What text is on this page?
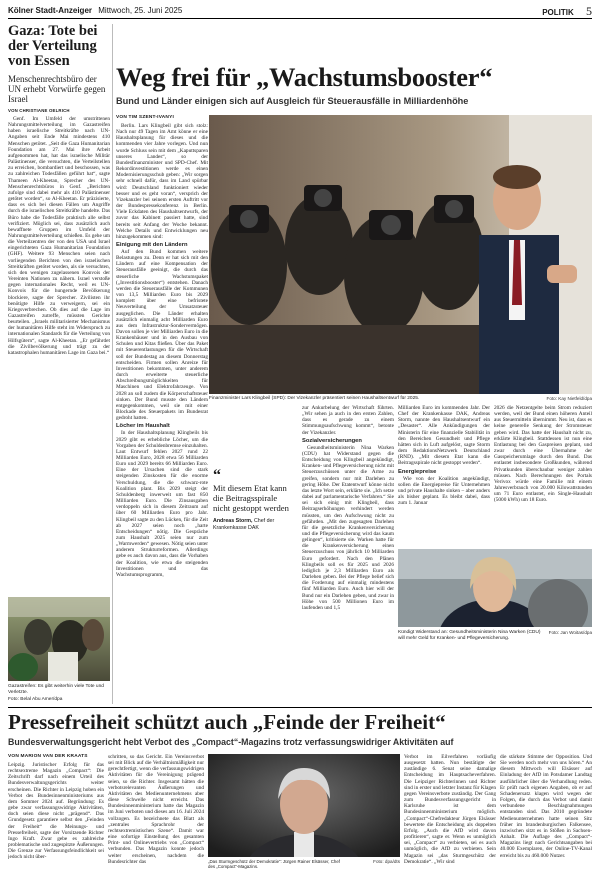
Kölner Stadt-Anzeiger Mittwoch, 25. Juni 2025	POLITIK 5
Gaza: Tote bei der Verteilung von Essen
Menschenrechtsbüro der UN erhebt Vorwürfe gegen Israel
VON CHRISTIANE OELRICH

Genf. Im Umfeld der umstrittenen Nahrungsmittelverteilung im Gazastreifen haben israelische Streitkräfte nach UN-Angaben seit Ende Mai mindestens 410 Menschen getötet. „Seit die Gaza Humanitarian Foundation am 27. Mai ihre Arbeit aufgenommen hat, hat das israelische Militär Palästinenser, die versuchten, die Verteilstellen zu erreichen, bombardiert und beschossen, was zu zahlreichen Todesfällen geführt hat“, sagte Thameen Al-Kheetan, Sprecher des UN-Menschenrechtsbüros in Genf. „Berichten zufolge sind dabei mehr als 410 Palästinenser getötet worden“, so Al-Kheetan. Er präzisierte, dass es sich bei diesen Fällen um Angriffe durch die israelischen Streitkräfte handelte. Das Büro habe die Todesfälle praktisch alle selbst verifiziert. Möglich sei, dass zusätzlich auch bewaffnete Gruppen im Umfeld der Nahrungsmittelverteilung schießen. Es gehe um die Verteilzentren der von den USA und Israel eingerichteten Gaza Humanitarian Foundation (GHF). Weitere 93 Menschen seien nach vorliegenden Berichten von den israelischen Streitkräften getötet worden, als sie versuchten, sich den wenigen zugelassenen Konvois der Vereinten Nationen zu nähern. Israel verstoße gegen internationales Recht, weil es UN-Konvois für die hungernde Bevölkerung blockiere, sagte der Sprecher. Zivilisten ihr benötigte Hilfe zu verweigern, sei ein Kriegsverbrechen. Ob dies auf die Lage im Gazastreifen zutreffe, müssten Gerichte beurteilen. „Israels militarisierter Mechanismus der humanitären Hilfe steht im Widerspruch zu internationalen Standards für die Verteilung von Hilfsgütern“, sagte Al-Kheetan. „Er gefährdet die Zivilbevölkerung und trägt zu der katastrophalen humanitären Lage im Gaza bei.“

Gazastreifen: Es gibt weiterhin viele Tote und Verletzte.
Foto: Belal Abu Amer/dpa
Weg frei für „Wachstumsbooster“
Bund und Länder einigen sich auf Ausgleich für Steuerausfälle in Milliardenhöhe
VON TIM SZENT-IVANYI

Berlin. Lars Klingbeil gibt sich stolz: Nach nur 49 Tagen im Amt könne er eine Haushaltsplanung für dieses und die kommenden vier Jahre vorlegen. Und nun wurde Schluss sein mit dem „Kaputtsparen unseres Landes“, so der Bundesfinanzminister und SPD-Chef. Mit Rekordinvestitionen werde es einen Modernisierungsschub geben: „Wir sorgen sehr schnell dafür, dass im Land spürbar wird: Deutschland funktioniert wieder besser und es geht voran“, versprich der Vizekanzler bei seinem ersten Auftritt vor der Bundespressekonferenz in Berlin. Viele Eckdaten des Haushaltsentwurfs, der zuvor das Kabinett passiert hatte, sind bereits seit Anfang der Woche bekannt. Welche Details und Entwicklungen neu hinzugekommen sind:

Einigung mit den Ländern

Auf den Bund kommen weitere Belastungen zu. Denn er hat sich mit den Ländern auf eine Kompensation der Steuerausfälle geeinigt, die durch das steuerliche Wachstumspaket („Investitionsbooster“) entstehen. Danach werden die Steuerausfälle der Kommunen von 13,5 Milliarden Euro bis 2029 komplett über eine befristete Neuverteilung der Umsatzsteuer ausgeglichen. Die Länder erhalten zusätzlich einmalig acht Milliarden Euro aus dem Infrastruktur-Sondervermögen. Davon sollen je vier Milliarden Euro in die Krankenhäuser und in den Ausbau von Schulen und Kitas fließen. Über das Paket mit Steuerentlastungen für die Wirtschaft soll der Bundestag an diesem Donnerstag entscheiden. Firmen sollen Anreize für Investitionen bekommen, unter anderem durch erweiterte steuerliche Abschreibungsmöglichkeiten für Maschinen und Elektrofahrzeuge. Von 2028 an soll zudem die Körperschaftsteuer sinken. Der Bund musste den Ländern entgegenkommen, weil sie mit einer Blockade des Steuerpakets im Bundesrat gedroht hatten.

Löcher im Haushalt

In der Haushaltsplanung Klingbeils bis 2029 gibt es erhebliche Löcher, um die Vorgaben der Schuldenbremse einzuhalten. Laut Entwurf fehlen 2027 rund 22 Milliarden Euro, 2028 etwa 56 Milliarden Euro und 2029 bereits 66 Milliarden Euro. Eine der Ursachen sind die stark steigenden Zinskosten für die enorme Verschuldung, die die schwarz-rote Koalition plant. Bis 2029 steigt der Schuldenberg inwerweit um fast 850 Milliarden Euro. Die Zinsausgaben verdoppeln sich in diesem Zeitraum auf über 60 Milliarden Euro pro Jahr. Klingbeil sagte zu den Lücken, für die Zeit ab 2027 seien noch „harte Entscheidungen“ nötig. Die Gespräche zum Haushalt 2025 seien nur zum „Warmwerden“ gewesen. Nötig seien unter anderem Strukturreformen. Allerdings gebe es auch davon aus, dass die Vorhaben der Koalition, wie etwa die steigenden Investitionen und das Wachstumsprogramm,

Finanzminister Lars Klingbeil (SPD): Der Vizekanzler präsentiert seinen Haushaltsentwurf für 2025.	Foto: Kay Nietfeld/dpa
“
Mit diesem Etat kann die Beitragsspirale nicht gestoppt werden
Andreas Storm, Chef der Krankenkasse DAK

zur Ankurbelung der Wirtschaft führten. „Wir sehen ja auch in den ersten Zahlen, dass es gerade zu einem Stimmungsaufschwung kommt“, betonte der Vizekanzler.

Sozialversicherungen

Gesundheitsministerin Nina Warken (CDU) hat Widerstand gegen die Entscheidung von Klingbeil angekündigt, Kranken- und Pflegeversicherung nicht mit Steuerzuschüssen unter die Arme zu greifen, sondern nur mit Darlehen zu gering Höhe. Der Etatentwurf könne nicht das letzte Wort sein, erklärte sie. „Ich setze dabei auf parlamentarische Verfahren.“ Sie sei sich einig mit Klingbeil, dass Beitragserhöhungen verhindert werden müssten, um den Aufschwung nicht zu gefährden. „Mit den zugesagten Darlehen für die gesetzliche Krankenversicherung und die Pflegeversicherung wird das kaum gelingen“, kritisierte sie. Warken hatte für die Krankenversicherung einen Steuerzuschuss von jährlich 10 Milliarden Euro gefordert. Nach den Plänen Klingbeils soll es für 2025 und 2026 lediglich je 2,3 Milliarden Euro als Darlehen geben. Bei der Pflege belief sich die Forderung auf einmalig mindestens fünf Milliarden Euro. Auch hier will der Bund nur ein Darlehen geben, und zwar in Höhe von 500 Millionen Euro im laufenden und 1,5

Milliarden Euro im kommenden Jahr. Der Chef der Krankenkasse DAK, Andreas Storm, nannte den Haushaltsentwurf ein „Desaster“. Alle Ankündigungen der Ministerin für eine finanzielle Stabilität in den Bereichen Gesundheit und Pflege hätten sich in Luft aufgelöst, sagte Storm dem RedaktionsNetzwerk Deutschland (RND). „Mit diesem Etat kann die Beitragsspirale nicht gestoppt werden“.

Energiepreise

Wie von der Koalition angekündigt, sollen die Energiepreise für Unternehmen und private Haushalte sinken – aber anders als bisher geplant. Es bleibt dabei, dass zum 1. Januar

2026 die Netzentgelte beim Strom reduziert werden, weil der Bund einen höheren Anteil aus Steuermitteln übernimmt. Neu ist, dass es keine generelle Senkung der Stromsteuer geben wird. Das hatte der Haushalt nicht zu, erklärte Klingbeil. Stattdessen ist nun eine Entlastung bei den Gaspreisen geplant, und zwar durch eine Übernahme der Gasspeicherumlage durch den Bund. Das entlastet insbesondere Großkunden, während Privatkunden überschaubar weniger zahlen müssen. Nach Berechnungen des Portals Verivox würde eine Familie mit einem Jahresverbrauch von 20.000 Kilowattstunden um 71 Euro entlastet, ein Single-Haushalt (5000 kWh) um 18 Euro.

Kündigt Widerstand an: Gesundheitsministerin Nina Warken (CDU) will mehr Geld für Kranken- und Pflegeversicherung.
Foto: Jan Woitas/dpa
Pressefreiheit schützt auch „Feinde der Freiheit“
Bundesverwaltungsgericht hebt Verbot des „Compact“-Magazins trotz verfassungswidriger Aktivitäten auf
VON MARION VAN DER KRAATS

Leipzig. Juristischer Erfolg für das rechtsextreme Magazin „Compact“: Die Zeitschrift darf nach einem Urteil des Bundesverwaltungsgerichts weiter erscheinen. Die Richter in Leipzig hoben ein Verbot des Bundesinnenministeriums aus dem Sommer 2024 auf. Begründung: Es gebe zwar verfassungswidrige Aktivitäten, doch seien diese nicht „prägend“. Das Grundgesetz garantiere selbst den „Feinden der Freiheit“ die Meinungs- und Pressefreiheit, sagte der Vorsitzende Richter Ingo Kraft. Zwar gebe es zahlreiche problematische und zugespitzte Äußerungen. Die Grenze zur Verfassungsfeindlichkeit sei jedoch nicht über-

schritten, so das Gericht. Ein Vereinsverbot sei mit Blick auf die Verhältnismäßigkeit nur gerechtfertigt, wenn die verfassungswidrigen Aktivitäten für die Vereinigung prägend seien, so die Richter. Insgesamt hätten die verbotsrelevanten Äußerungen und Aktivitäten des Medienunternehmens aber diese Schwelle nicht erreicht. Das Bundesinnenministerium hatte das Magazin im Juni verboten und dieses am 16. Juli 2024 vollzogen. Es bezeichnete das Blatt als „zentrales Sprachrohr der rechtsextremistischen Szene“. Damit war eine sofortige Einstellung des gesamten Print- und Onlinevertriebs von „Compact“ verbunden. Das Magazin konnte jedoch weiter erscheinen, nachdem die Bundesrichter das	„Das Sturmgeschütz der Demokratie“: Jürgen Rainer Elsässer, Chef des „Compact“-Magazins.
Foto: dpa/dts

Verbot im Eilverfahren vorläufig ausgesetzt hatten. Nun bestätigte der zuständige 6. Senat seine damalige Entscheidung im Hauptsacheverfahren. Die Leipziger Richterinnen und Richter sind in erster und letzter Instanz für Klagen gegen Vereinsverbote zuständig. Der Gang zum Bundesverfassungsgericht in Karlsruhe ist dem Bundesinnenministerium möglich. „Compact“-Chefredakteur Jürgen Elsässer bewertete die Entscheidung als doppelten Erfolg. „Auch die AfD wird davon profitieren“, sagte er. Wenn es unmöglich sei, „Compact“ zu verbieten, sei es auch unmöglich, die AfD zu verbieten. Sein Magazin sei „das Sturmgeschütz der Demokratie“. „Wir sind

die stärkste Stimme der Opposition. Und Sie werden noch mehr von uns hören.“ An diesem Mittwoch will Elsässer auf Einladung der AfD im Potsdamer Landtag ausführlicher über die Verhandlung reden. Er prüft nach eigenen Angaben, ob er auf Schadenersatz klagen wird wegen der Folgen, die durch das Verbot und damit verbundene Beschlagnahmungen entstanden sind. Das 2010 gegründete Medienunternehmen hatte seinen Sitz früher im brandenburgischen Falkensee, inzwischen sitzt es in Stößen in Sachsen-Anhalt. Die Auflage des „Compact“-Magazins liegt nach Gerichtsangaben bei 40.000 Exemplaren, der Online-TV-Kanal erreicht bis zu 460.000 Nutzer.
